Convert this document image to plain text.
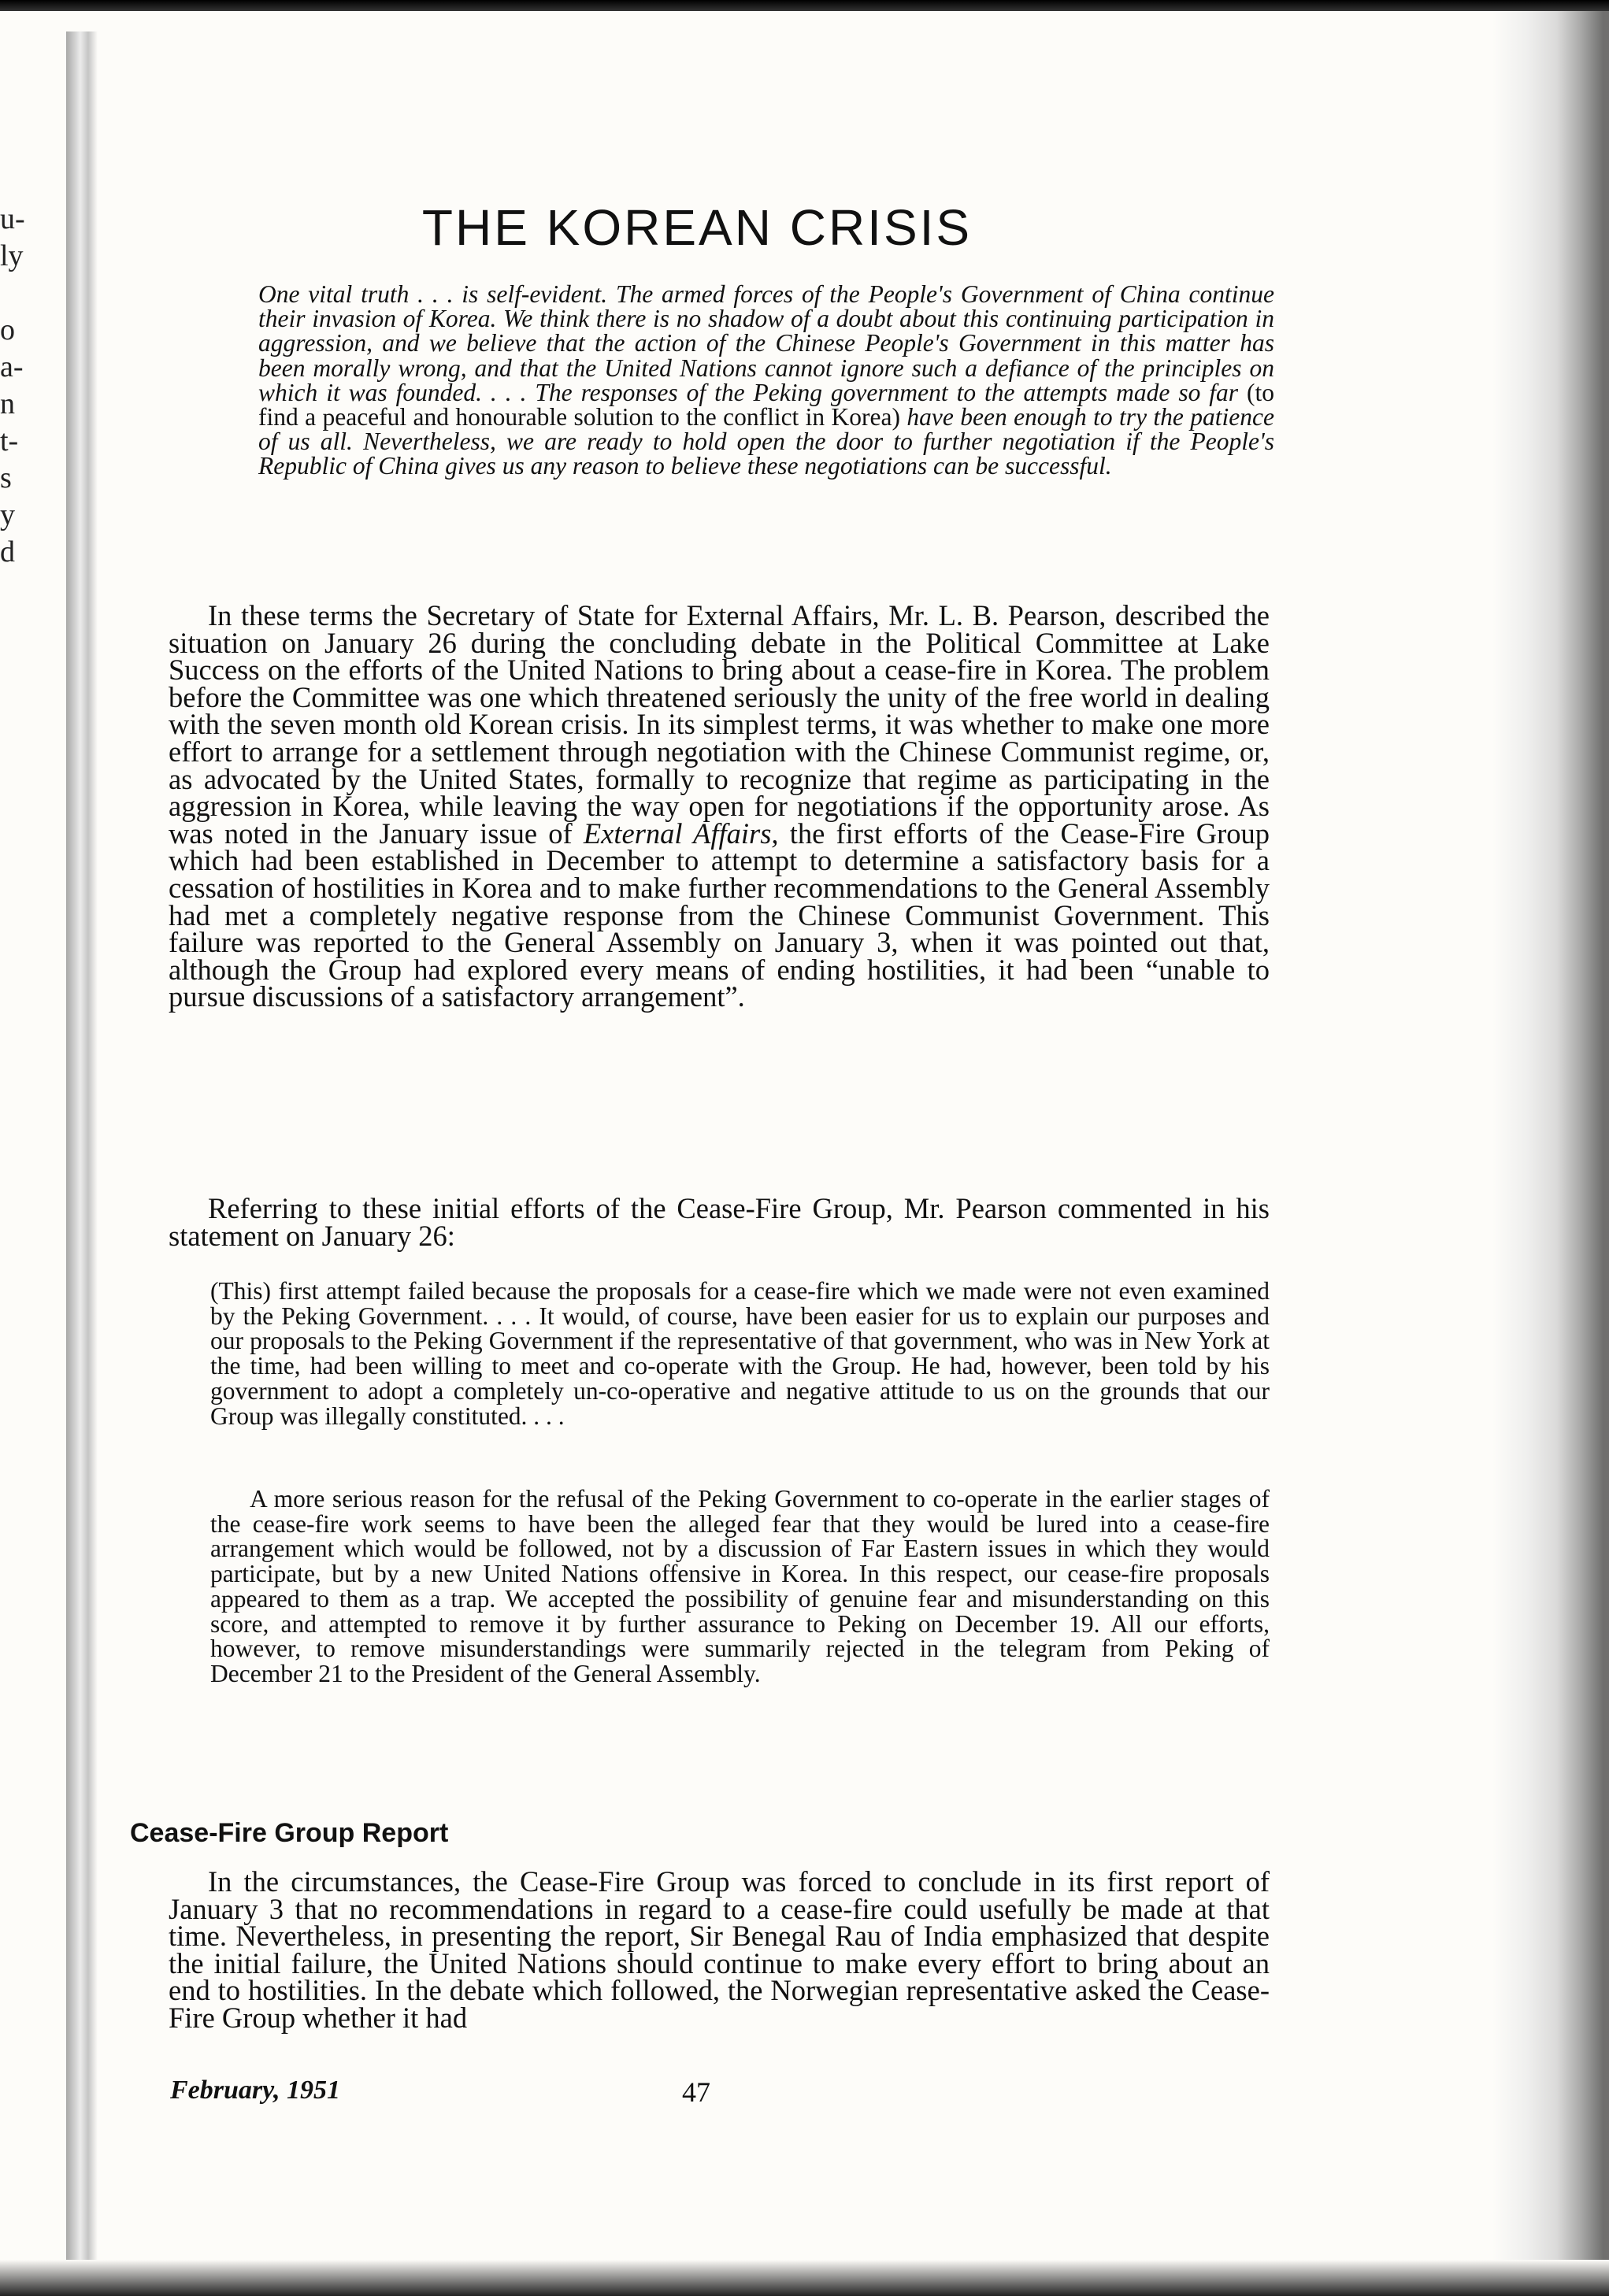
u-
ly

o
a-
n
t-
s
y
d
THE KOREAN CRISIS

One vital truth . . . is self-evident. The armed forces of the People's Government of China continue their invasion of Korea. We think there is no shadow of a doubt about this continuing participation in aggression, and we believe that the action of the Chinese People's Government in this matter has been morally wrong, and that the United Nations cannot ignore such a defiance of the principles on which it was founded. . . . The responses of the Peking government to the attempts made so far (to find a peaceful and honourable solution to the conflict in Korea) have been enough to try the patience of us all. Nevertheless, we are ready to hold open the door to further negotiation if the People's Republic of China gives us any reason to believe these negotiations can be successful.

In these terms the Secretary of State for External Affairs, Mr. L. B. Pearson, described the situation on January 26 during the concluding debate in the Political Committee at Lake Success on the efforts of the United Nations to bring about a cease-fire in Korea. The problem before the Committee was one which threatened seriously the unity of the free world in dealing with the seven month old Korean crisis. In its simplest terms, it was whether to make one more effort to arrange for a settlement through negotiation with the Chinese Communist regime, or, as advocated by the United States, formally to recognize that regime as participating in the aggression in Korea, while leaving the way open for negotiations if the opportunity arose. As was noted in the January issue of External Affairs, the first efforts of the Cease-Fire Group which had been established in December to attempt to determine a satisfactory basis for a cessation of hostilities in Korea and to make further recommendations to the General Assembly had met a completely negative response from the Chinese Communist Government. This failure was reported to the General Assembly on January 3, when it was pointed out that, although the Group had explored every means of ending hostilities, it had been “unable to pursue discussions of a satisfactory arrangement”.

Referring to these initial efforts of the Cease-Fire Group, Mr. Pearson commented in his statement on January 26:

(This) first attempt failed because the proposals for a cease-fire which we made were not even examined by the Peking Government. . . . It would, of course, have been easier for us to explain our purposes and our proposals to the Peking Government if the representative of that government, who was in New York at the time, had been willing to meet and co-operate with the Group. He had, however, been told by his government to adopt a completely un-co-operative and negative attitude to us on the grounds that our Group was illegally constituted. . . .

A more serious reason for the refusal of the Peking Government to co-operate in the earlier stages of the cease-fire work seems to have been the alleged fear that they would be lured into a cease-fire arrangement which would be followed, not by a discussion of Far Eastern issues in which they would participate, but by a new United Nations offensive in Korea. In this respect, our cease-fire proposals appeared to them as a trap. We accepted the possibility of genuine fear and misunderstanding on this score, and attempted to remove it by further assurance to Peking on December 19. All our efforts, however, to remove misunderstandings were summarily rejected in the telegram from Peking of December 21 to the President of the General Assembly.

Cease-Fire Group Report

In the circumstances, the Cease-Fire Group was forced to conclude in its first report of January 3 that no recommendations in regard to a cease-fire could usefully be made at that time. Nevertheless, in presenting the report, Sir Benegal Rau of India emphasized that despite the initial failure, the United Nations should continue to make every effort to bring about an end to hostilities. In the debate which followed, the Norwegian representative asked the Cease-Fire Group whether it had

February, 1951	47
